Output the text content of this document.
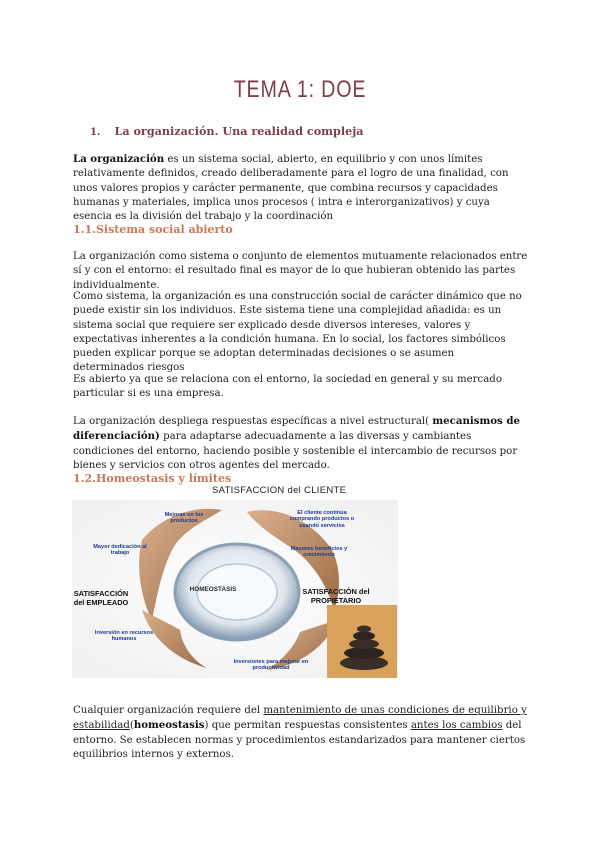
TEMA 1: DOE
1. La organización. Una realidad compleja

La organización es un sistema social, abierto, en equilibrio y con unos límites relativamente definidos, creado deliberadamente para el logro de una finalidad, con unos valores propios y carácter permanente, que combina recursos y capacidades humanas y materiales, implica unos procesos ( intra e interorganizativos) y cuya esencia es la división del trabajo y la coordinación

1.1.Sistema social abierto

La organización como sistema o conjunto de elementos mutuamente relacionados entre sí y con el entorno: el resultado final es mayor de lo que hubieran obtenido las partes individualmente.

Como sistema, la organización es una construcción social de carácter dinámico que no puede existir sin los individuos. Este sistema tiene una complejidad añadida: es un sistema social que requiere ser explicado desde diversos intereses, valores y expectativas inherentes a la condición humana. En lo social, los factores simbólicos pueden explicar porque se adoptan determinadas decisiones o se asumen determinados riesgos

Es abierto ya que se relaciona con el entorno, la sociedad en general y su mercado particular si es una empresa.

La organización despliega respuestas específicas a nivel estructural( mecanismos de diferenciación) para adaptarse adecuadamente a las diversas y cambiantes condiciones del entorno, haciendo posible y sostenible el intercambio de recursos por bienes y servicios con otros agentes del mercado.

1.2.Homeostasis y límites
SATISFACCION del CLIENTE
Mejoras en los productos
El cliente continúa comprando productos o usando servicios
Mayor dedicación al trabajo
Mayores beneficios y crecimiento
HOMEOSTASIS
SATISFACCIÓN del EMPLEADO
SATISFACCIÓN del PROPIETARIO
Inversión en recursos humanos
Inversiones para mejorar en productividad

Cualquier organización requiere del mantenimiento de unas condiciones de equilibrio y estabilidad(homeostasis) que permitan respuestas consistentes antes los cambios del entorno. Se establecen normas y procedimientos estandarizados para mantener ciertos equilibrios internos y externos.
